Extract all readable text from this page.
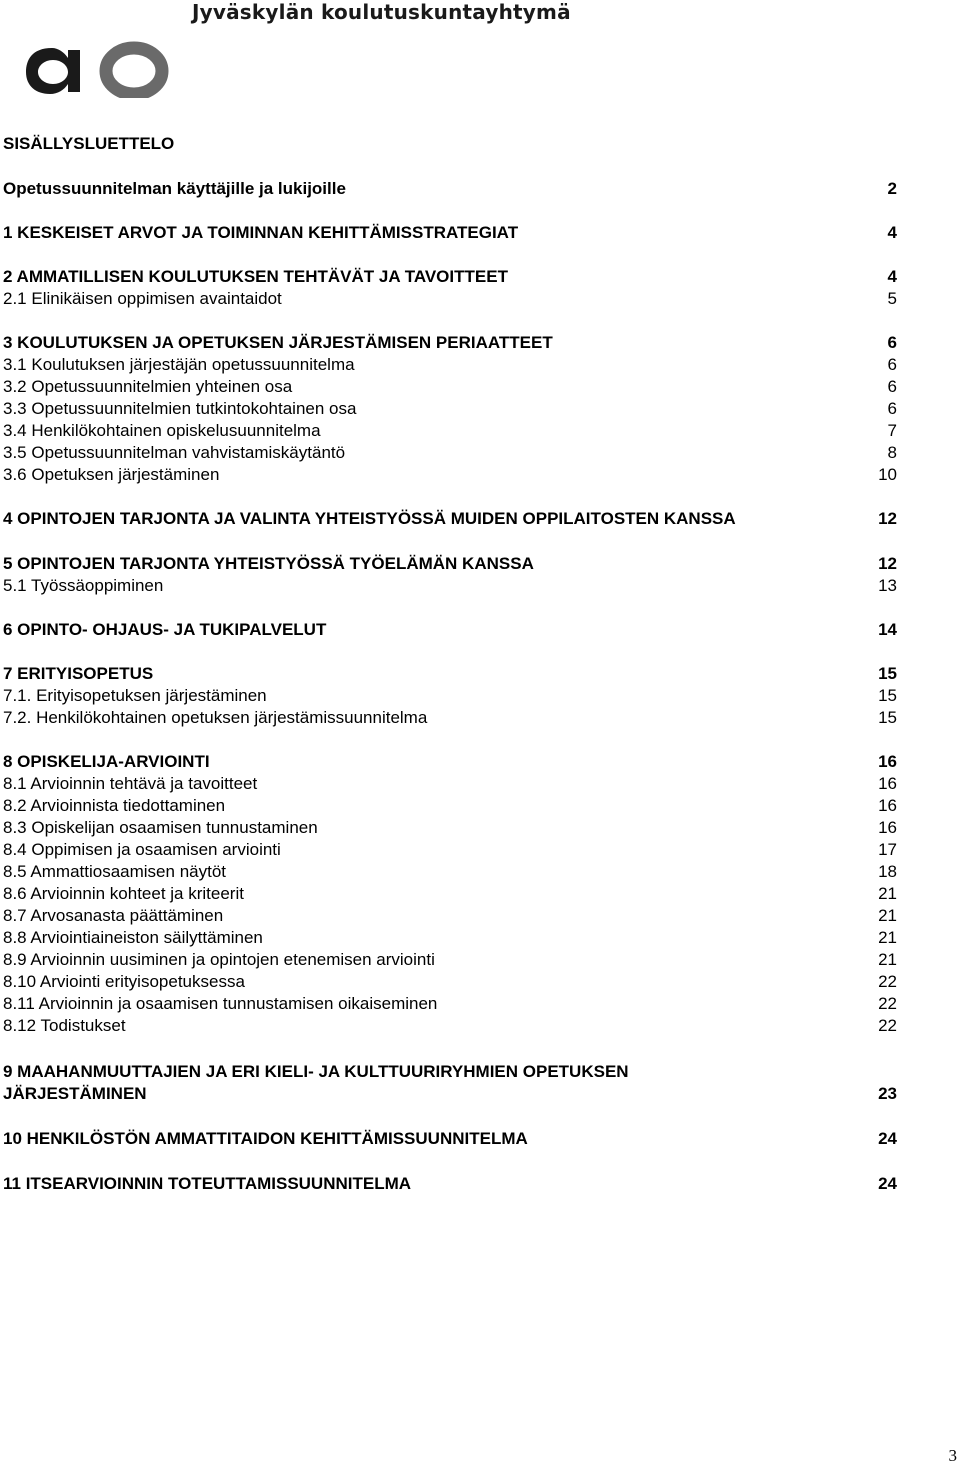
Jyväskylän koulutuskuntayhtymä
SISÄLLYSLUETTELO
Opetussuunnitelman käyttäjille ja lukijoille	2
1 KESKEISET ARVOT JA TOIMINNAN KEHITTÄMISSTRATEGIAT	4
2 AMMATILLISEN KOULUTUKSEN TEHTÄVÄT JA TAVOITTEET	4
2.1 Elinikäisen oppimisen avaintaidot	5
3 KOULUTUKSEN JA OPETUKSEN JÄRJESTÄMISEN PERIAATTEET	6
3.1 Koulutuksen järjestäjän opetussuunnitelma	6
3.2 Opetussuunnitelmien yhteinen osa	6
3.3 Opetussuunnitelmien tutkintokohtainen osa	6
3.4 Henkilökohtainen opiskelusuunnitelma	7
3.5 Opetussuunnitelman vahvistamiskäytäntö	8
3.6 Opetuksen järjestäminen	10
4 OPINTOJEN TARJONTA JA VALINTA YHTEISTYÖSSÄ MUIDEN OPPILAITOSTEN KANSSA	12
5 OPINTOJEN TARJONTA YHTEISTYÖSSÄ TYÖELÄMÄN KANSSA	12
5.1 Työssäoppiminen	13
6 OPINTO- OHJAUS- JA TUKIPALVELUT	14
7 ERITYISOPETUS	15
7.1. Erityisopetuksen järjestäminen	15
7.2. Henkilökohtainen opetuksen järjestämissuunnitelma	15
8 OPISKELIJA-ARVIOINTI	16
8.1 Arvioinnin tehtävä ja tavoitteet	16
8.2 Arvioinnista tiedottaminen	16
8.3 Opiskelijan osaamisen tunnustaminen	16
8.4 Oppimisen ja osaamisen arviointi	17
8.5 Ammattiosaamisen näytöt	18
8.6 Arvioinnin kohteet ja kriteerit	21
8.7 Arvosanasta päättäminen	21
8.8 Arviointiaineiston säilyttäminen	21
8.9 Arvioinnin uusiminen ja opintojen etenemisen arviointi	21
8.10 Arviointi erityisopetuksessa	22
8.11 Arvioinnin ja osaamisen tunnustamisen oikaiseminen	22
8.12 Todistukset	22
9 MAAHANMUUTTAJIEN JA ERI KIELI- JA KULTTUURIRYHMIEN OPETUKSEN JÄRJESTÄMINEN	23
10 HENKILÖSTÖN AMMATTITAIDON KEHITTÄMISSUUNNITELMA	24
11 ITSEARVIOINNIN TOTEUTTAMISSUUNNITELMA	24
3
